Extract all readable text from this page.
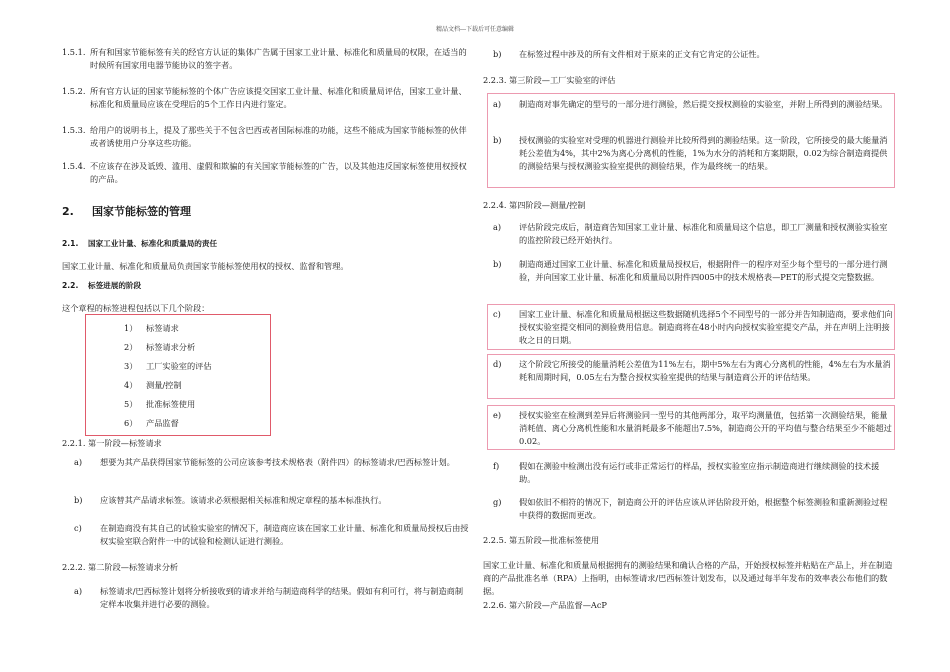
精品文档---下载后可任意编辑
1.5.1. 所有和国家节能标签有关的经官方认证的集体广告属于国家工业计量、标准化和质量局的权限，在适当的时候所有国家用电器节能协议的签字者。
1.5.2. 所有官方认证的国家节能标签的个体广告应该提交国家工业计量、标准化和质量局评估，国家工业计量、标准化和质量局应该在受理后的5个工作日内进行鉴定。
1.5.3. 给用户的说明书上，提及了那些关于不包含巴西或者国际标准的功能，这些不能成为国家节能标签的伙伴或者诱使用户分享这些功能。
1.5.4. 不应该存在涉及诋毁、滥用、虚假和欺骗的有关国家节能标签的广告，以及其他违反国家标签使用权授权的产品。
2. 国家节能标签的管理
2.1. 国家工业计量、标准化和质量局的责任
国家工业计量、标准化和质量局负责国家节能标签使用权的授权、监督和管理。
2.2. 标签进展的阶段
这个章程的标签进程包括以下几个阶段：
1） 标签请求
2） 标签请求分析
3） 工厂实验室的评估
4） 测量/控制
5） 批准标签使用
6） 产品监督
2.2.1. 第一阶段—标签请求
a)	想要为其产品获得国家节能标签的公司应该参考技术规格表（附件四）的标签请求/巴西标签计划。
b)	应该替其产品请求标签。该请求必须根据相关标准和规定章程的基本标准执行。
c)	在制造商没有其自己的试验实验室的情况下，制造商应该在国家工业计量、标准化和质量局授权后由授权实验室联合附件一中的试验和检测认证进行测验。
2.2.2. 第二阶段—标签请求分析
a)	标签请求/巴西标签计划将分析接收到的请求并给与制造商科学的结果。假如有利可行，将与制造商制定样本收集并进行必要的测验。
b)	在标签过程中涉及的所有文件相对于原来的正文有它肯定的公证性。
2.2.3. 第三阶段—工厂实验室的评估
a)	制造商对事先确定的型号的一部分进行测验，然后提交授权测验的实验室，并附上所得到的测验结果。
b)	授权测验的实验室对受理的机器进行测验并比较所得到的测验结果。这一阶段，它所接受的最大能量消耗公差值为4%，其中2%为离心分离机的性能，1%为水分的消耗和方案期限，0.02为综合制造商提供的测验结果与授权测验实验室提供的测验结果，作为最终统一的结果。
2.2.4. 第四阶段—测量/控制
a)	评估阶段完成后，制造商告知国家工业计量、标准化和质量局这个信息，即工厂测量和授权测验实验室的监控阶段已经开始执行。
b)	制造商通过国家工业计量、标准化和质量局授权后，根据附件一的程序对至少每个型号的一部分进行测验，并向国家工业计量、标准化和质量局以附件四005中的技术规格表—PET的形式提交完整数据。
c)	国家工业计量、标准化和质量局根据这些数据随机选择5个不同型号的一部分并告知制造商，要求他们向授权实验室提交相同的测验费用信息。制造商将在48小时内向授权实验室提交产品，并在声明上注明接收之日的日期。
d)	这个阶段它所接受的能量消耗公差值为11%左右，期中5%左右为离心分离机的性能，4%左右为水量消耗和周期时间，0.05左右为整合授权实验室提供的结果与制造商公开的评估结果。
e)	授权实验室在检测到差异后将测验同一型号的其他两部分，取平均测量值，包括第一次测验结果，能量消耗值、离心分离机性能和水量消耗最多不能超出7.5%，制造商公开的平均值与整合结果至少不能超过0.02。
f)	假如在测验中检测出没有运行或非正常运行的样品，授权实验室应指示制造商进行继续测验的技术援助。
g)	假如依旧不相符的情况下，制造商公开的评估应该从评估阶段开始，根据整个标签测验和重新测验过程中获得的数据而更改。
2.2.5. 第五阶段—批准标签使用
国家工业计量、标准化和质量局根据拥有的测验结果和确认合格的产品，开始授权标签并粘贴在产品上，并在制造商的产品批准名单（RPA）上指明，由标签请求/巴西标签计划发布，以及通过每半年发布的效率表公布他们的数据。
2.2.6. 第六阶段—产品监督—AcP
